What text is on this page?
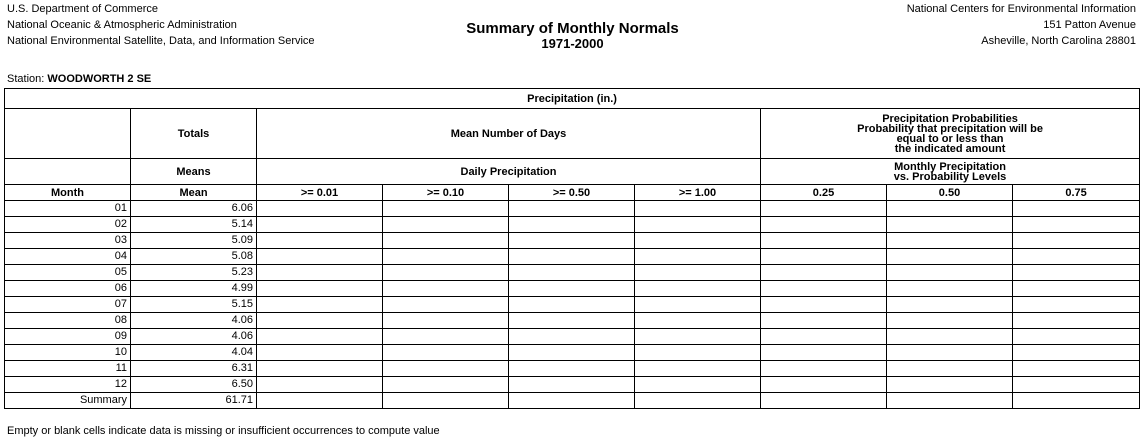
U.S. Department of Commerce
National Oceanic & Atmospheric Administration
National Environmental Satellite, Data, and Information Service
Summary of Monthly Normals
1971-2000
National Centers for Environmental Information
151 Patton Avenue
Asheville, North Carolina 28801
Station: WOODWORTH 2 SE
Precipitation (in.)								
	Totals	Mean Number of Days				Precipitation Probabilities
Probability that precipitation will be
equal to or less than
the indicated amount		

	Means	Daily Precipitation				Monthly Precipitation
vs. Probability Levels		

Month	Mean	>= 0.01	>= 0.10	>= 0.50	>= 1.00	0.25	0.50	0.75
01	6.06							
02	5.14							
03	5.09							
04	5.08							
05	5.23							
06	4.99							
07	5.15							
08	4.06							
09	4.06							
10	4.04							
11	6.31							
12	6.50							
Summary	61.71							
Empty or blank cells indicate data is missing or insufficient occurrences to compute value
